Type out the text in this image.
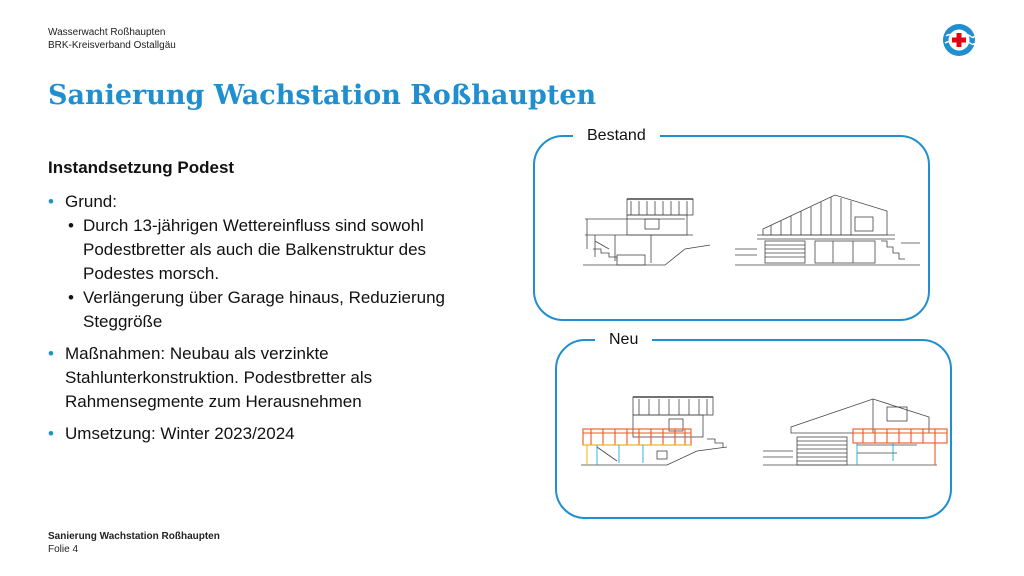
Wasserwacht Roßhaupten
BRK-Kreisverband Ostallgäu
Sanierung Wachstation Roßhaupten
Instandsetzung Podest
• Grund:
• Durch 13-jährigen Wettereinfluss sind sowohl Podestbretter als auch die Balkenstruktur des Podestes morsch.
• Verlängerung über Garage hinaus, Reduzierung Steggröße
• Maßnahmen: Neubau als verzinkte Stahlunterkonstruktion. Podestbretter als Rahmensegmente zum Herausnehmen
• Umsetzung: Winter 2023/2024
Bestand
Neu
Sanierung Wachstation Roßhaupten
Folie 4
